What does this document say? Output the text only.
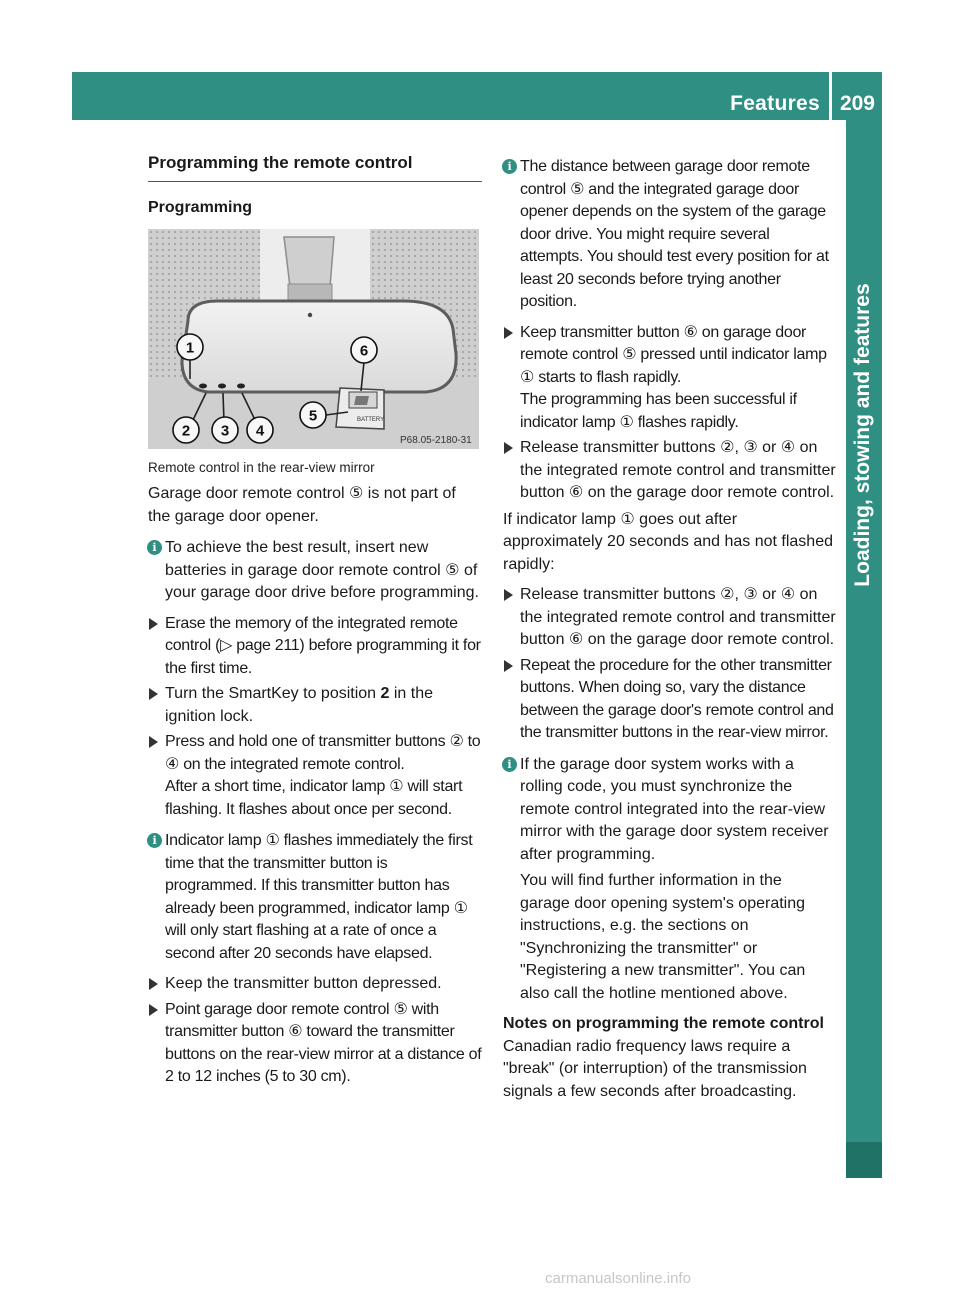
Features 209
Loading, stowing and features
Programming the remote control
Programming
BATTERY
1
2 3 4
5
6
P68.05-2180-31
Remote control in the rear-view mirror

Garage door remote control ⑤ is not part of the garage door opener.

i To achieve the best result, insert new batteries in garage door remote control ⑤ of your garage door drive before programming.
Erase the memory of the integrated remote control (▷ page 211) before programming it for the first time.
Turn the SmartKey to position 2 in the ignition lock.
Press and hold one of transmitter buttons ② to ④ on the integrated remote control.
After a short time, indicator lamp ① will start flashing. It flashes about once per second.
i Indicator lamp ① flashes immediately the first time that the transmitter button is programmed. If this transmitter button has already been programmed, indicator lamp ① will only start flashing at a rate of once a second after 20 seconds have elapsed.
Keep the transmitter button depressed.
Point garage door remote control ⑤ with transmitter button ⑥ toward the transmitter buttons on the rear-view mirror at a distance of 2 to 12 inches (5 to 30 cm).
i The distance between garage door remote control ⑤ and the integrated garage door opener depends on the system of the garage door drive. You might require several attempts. You should test every position for at least 20 seconds before trying another position.
Keep transmitter button ⑥ on garage door remote control ⑤ pressed until indicator lamp ① starts to flash rapidly.
The programming has been successful if indicator lamp ① flashes rapidly.
Release transmitter buttons ②, ③ or ④ on the integrated remote control and transmitter button ⑥ on the garage door remote control.

If indicator lamp ① goes out after approximately 20 seconds and has not flashed rapidly:

Release transmitter buttons ②, ③ or ④ on the integrated remote control and transmitter button ⑥ on the garage door remote control.
Repeat the procedure for the other transmitter buttons. When doing so, vary the distance between the garage door's remote control and the transmitter buttons in the rear-view mirror.
i If the garage door system works with a rolling code, you must synchronize the remote control integrated into the rear-view mirror with the garage door system receiver after programming.
You will find further information in the garage door opening system's operating instructions, e.g. the sections on "Synchronizing the transmitter" or "Registering a new transmitter". You can also call the hotline mentioned above.
Notes on programming the remote control

Canadian radio frequency laws require a "break" (or interruption) of the transmission signals a few seconds after broadcasting.

carmanualsonline.info
